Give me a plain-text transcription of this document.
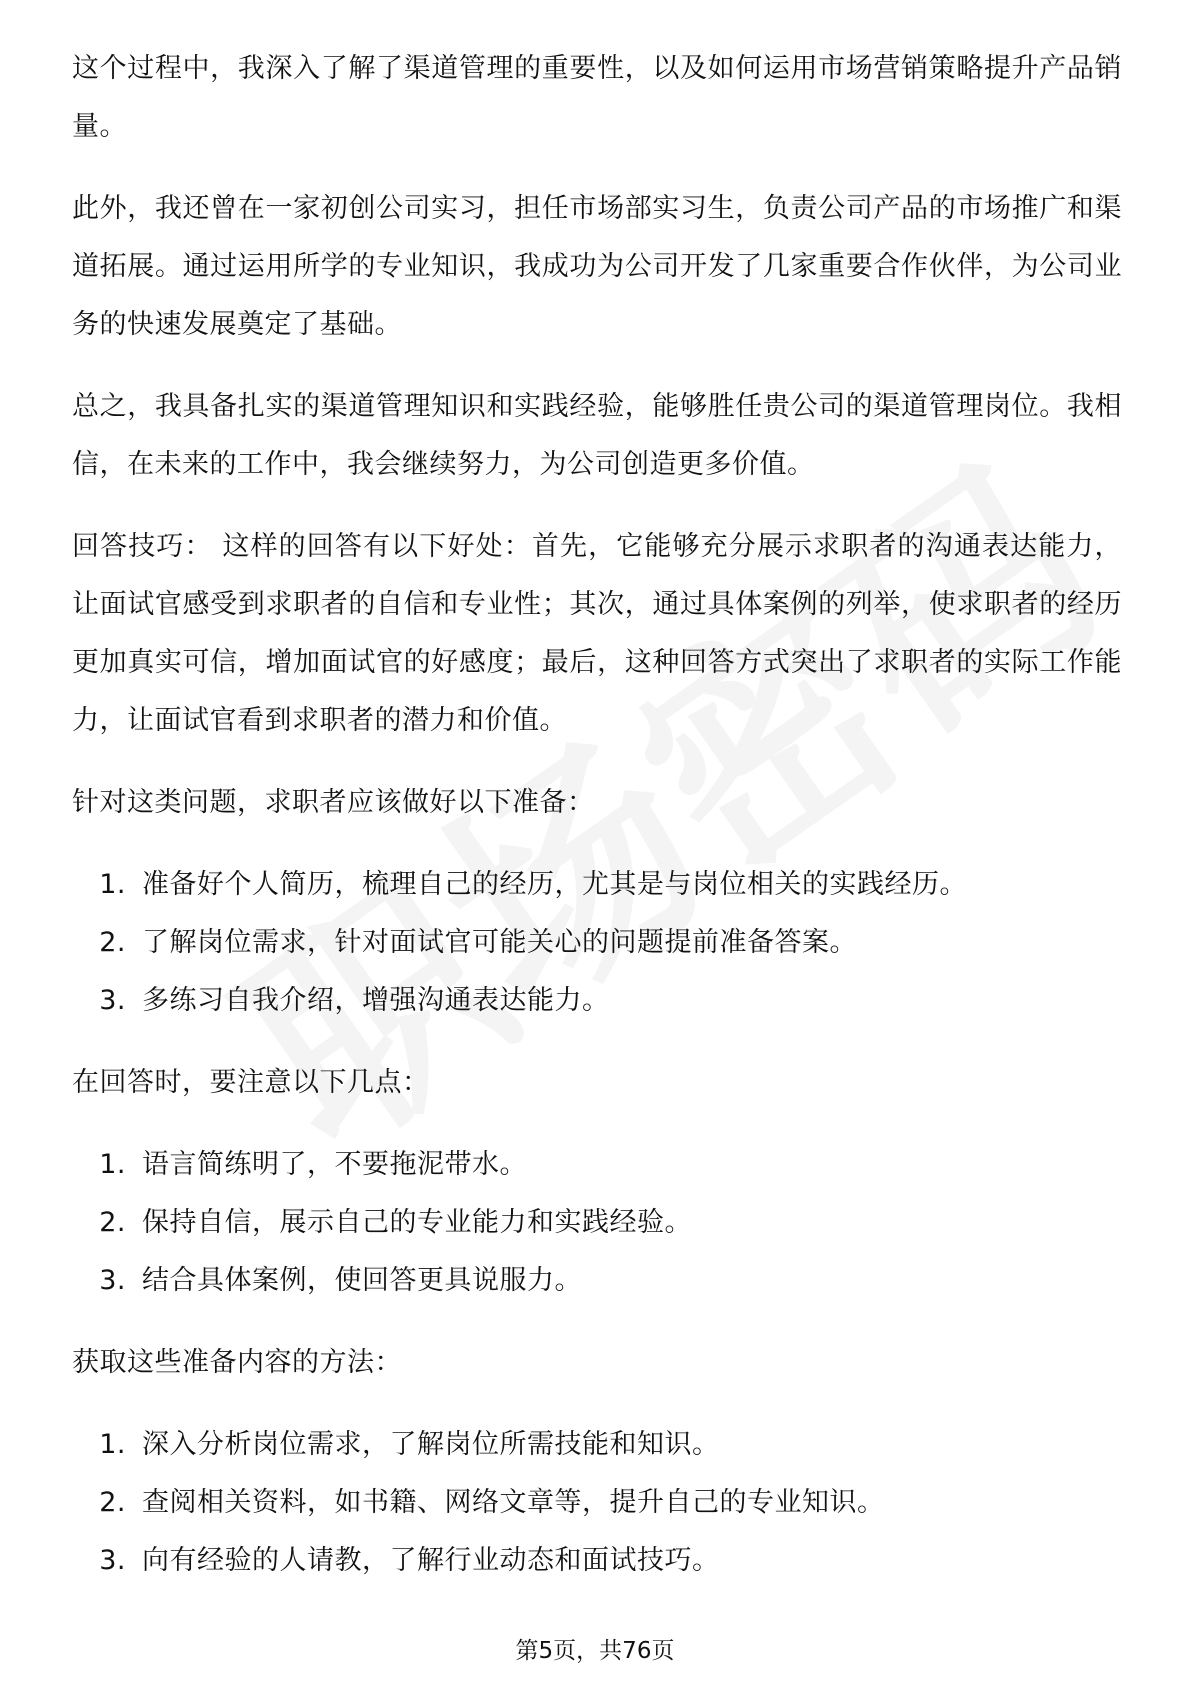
这个过程中，我深入了解了渠道管理的重要性，以及如何运用市场营销策略提升产品销量。

此外，我还曾在一家初创公司实习，担任市场部实习生，负责公司产品的市场推广和渠道拓展。通过运用所学的专业知识，我成功为公司开发了几家重要合作伙伴，为公司业务的快速发展奠定了基础。

总之，我具备扎实的渠道管理知识和实践经验，能够胜任贵公司的渠道管理岗位。我相信，在未来的工作中，我会继续努力，为公司创造更多价值。

回答技巧： 这样的回答有以下好处：首先，它能够充分展示求职者的沟通表达能力，让面试官感受到求职者的自信和专业性；其次，通过具体案例的列举，使求职者的经历更加真实可信，增加面试官的好感度；最后，这种回答方式突出了求职者的实际工作能力，让面试官看到求职者的潜力和价值。

针对这类问题，求职者应该做好以下准备：

1. 准备好个人简历，梳理自己的经历，尤其是与岗位相关的实践经历。
2. 了解岗位需求，针对面试官可能关心的问题提前准备答案。
3. 多练习自我介绍，增强沟通表达能力。

在回答时，要注意以下几点：

1. 语言简练明了，不要拖泥带水。
2. 保持自信，展示自己的专业能力和实践经验。
3. 结合具体案例，使回答更具说服力。

获取这些准备内容的方法：

1. 深入分析岗位需求，了解岗位所需技能和知识。
2. 查阅相关资料，如书籍、网络文章等，提升自己的专业知识。
3. 向有经验的人请教，了解行业动态和面试技巧。
第5页，共76页
